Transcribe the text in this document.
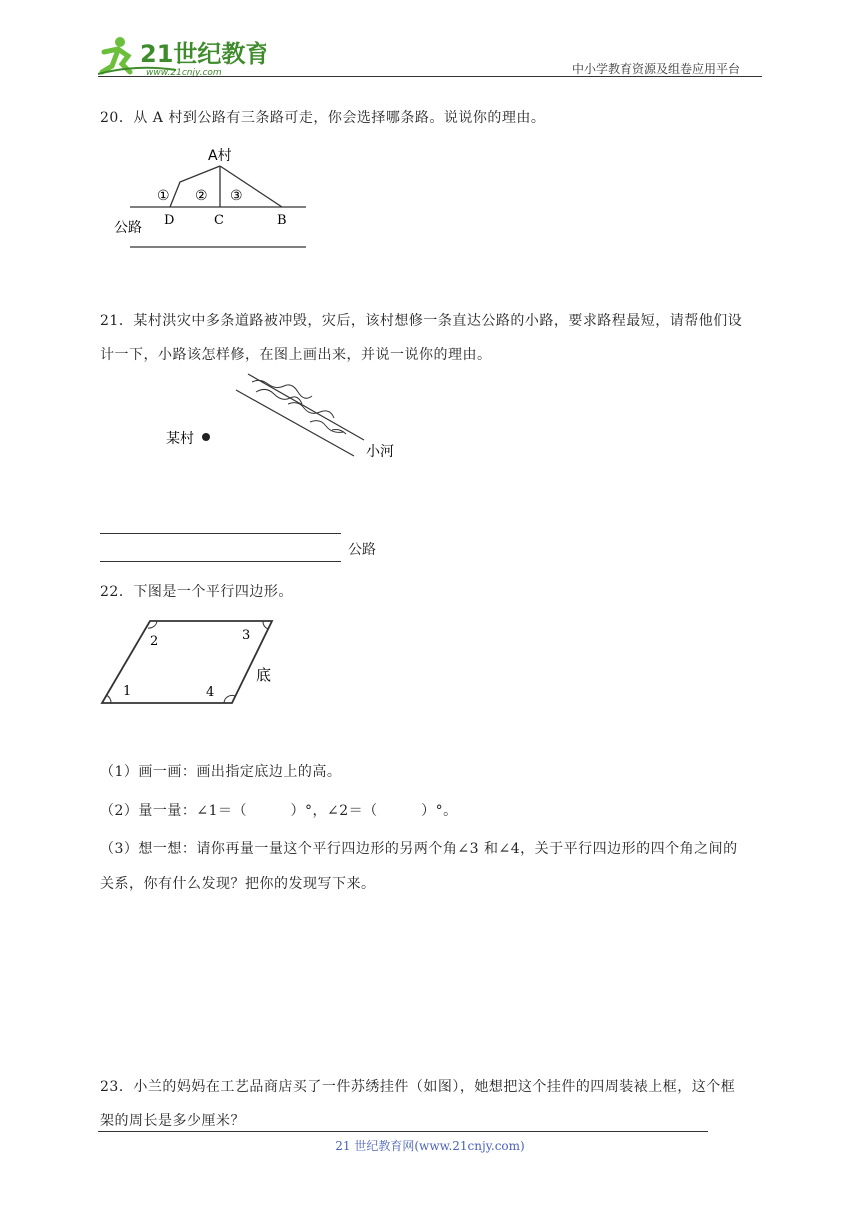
21世纪教育
www.21cnjy.com	中小学教育资源及组卷应用平台
20．从 A 村到公路有三条路可走，你会选择哪条路。说说你的理由。
A村
① ② ③
D	C	B
公路
21．某村洪灾中多条道路被冲毁，灾后，该村想修一条直达公路的小路，要求路程最短，请帮他们设
计一下，小路该怎样修，在图上画出来，并说一说你的理由。
某村
小河
公路
22．下图是一个平行四边形。
1
2	3
4
底
（1）画一画：画出指定底边上的高。
（2）量一量：∠1＝（　　　）°，∠2＝（　　　）°。
（3）想一想：请你再量一量这个平行四边形的另两个角∠3 和∠4，关于平行四边形的四个角之间的
关系，你有什么发现？把你的发现写下来。
23．小兰的妈妈在工艺品商店买了一件苏绣挂件（如图），她想把这个挂件的四周装裱上框，这个框
架的周长是多少厘米？
21 世纪教育网(www.21cnjy.com)
